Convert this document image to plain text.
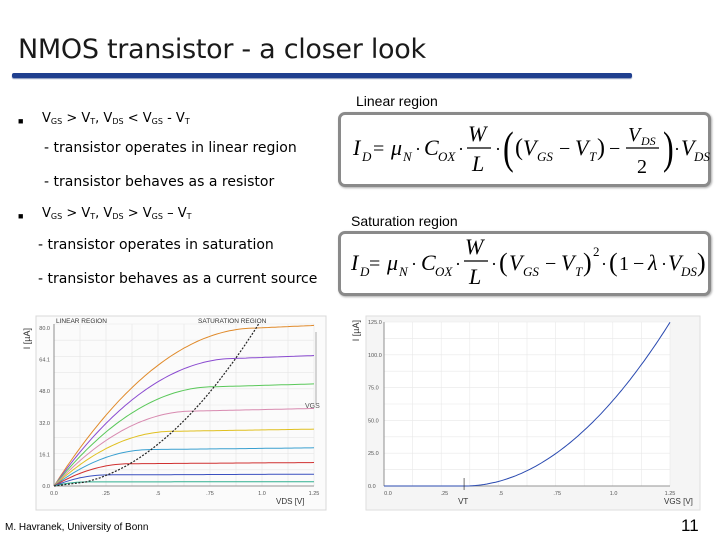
NMOS transistor - a closer look
■ $V_{GS} > V_T$, $V_{DS} < V_{GS} - V_T$
- transistor operates in linear region
- transistor behaves as a resistor
■ $V_{GS} > V_T$, $V_{DS} > V_{GS} - V_T$
- transistor operates in saturation
- transistor behaves as a current source
Linear region
I D = μ N · C OX ·
W
L
· ( ( V GS − V T ) −
V DS
2 ) · V DS
Saturation region
I D = μ N · C OX ·
W
L · ( V GS − V T ) 2
· ( 1 − λ · V DS )
80.0
64.1
48.0
32.0
16.1
0.0
0.0	.25	.5	.75	1.0	1.25
I [µA]
LINEAR REGION	SATURATION REGION
VGS
VDS [V]
125.0
100.0
75.0
50.0
25.0
0.0
0.0	.25	.5	.75	1.0	1.25
VT
I [µA]
VGS [V]
M. Havranek, University of Bonn	11
